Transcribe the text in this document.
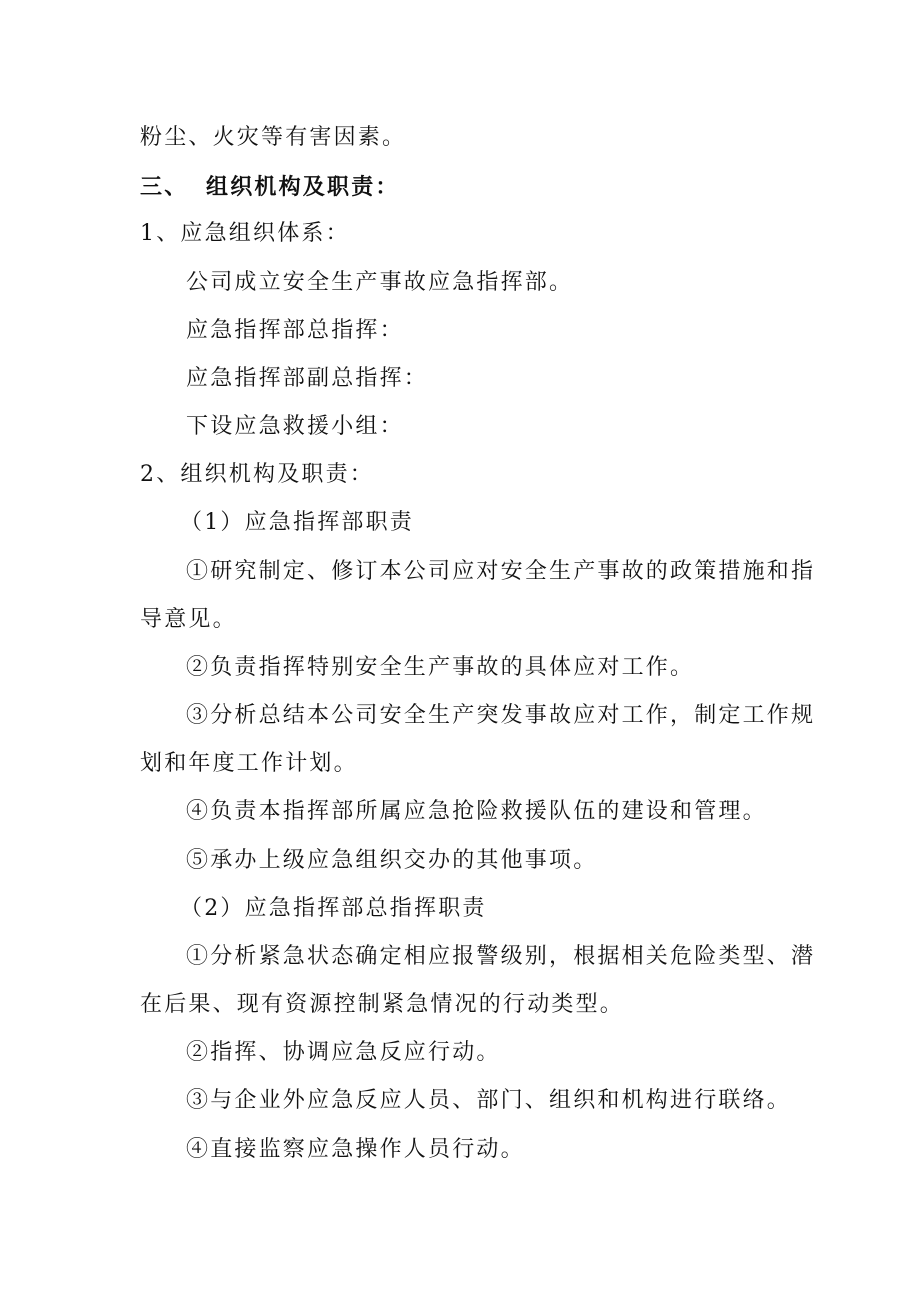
粉尘、火灾等有害因素。
三、 组织机构及职责：
1、应急组织体系：
公司成立安全生产事故应急指挥部。
应急指挥部总指挥：
应急指挥部副总指挥：
下设应急救援小组：
2、组织机构及职责：
（1）应急指挥部职责
①研究制定、修订本公司应对安全生产事故的政策措施和指
导意见。
②负责指挥特别安全生产事故的具体应对工作。
③分析总结本公司安全生产突发事故应对工作，制定工作规
划和年度工作计划。
④负责本指挥部所属应急抢险救援队伍的建设和管理。
⑤承办上级应急组织交办的其他事项。
（2）应急指挥部总指挥职责
①分析紧急状态确定相应报警级别，根据相关危险类型、潜
在后果、现有资源控制紧急情况的行动类型。
②指挥、协调应急反应行动。
③与企业外应急反应人员、部门、组织和机构进行联络。
④直接监察应急操作人员行动。
